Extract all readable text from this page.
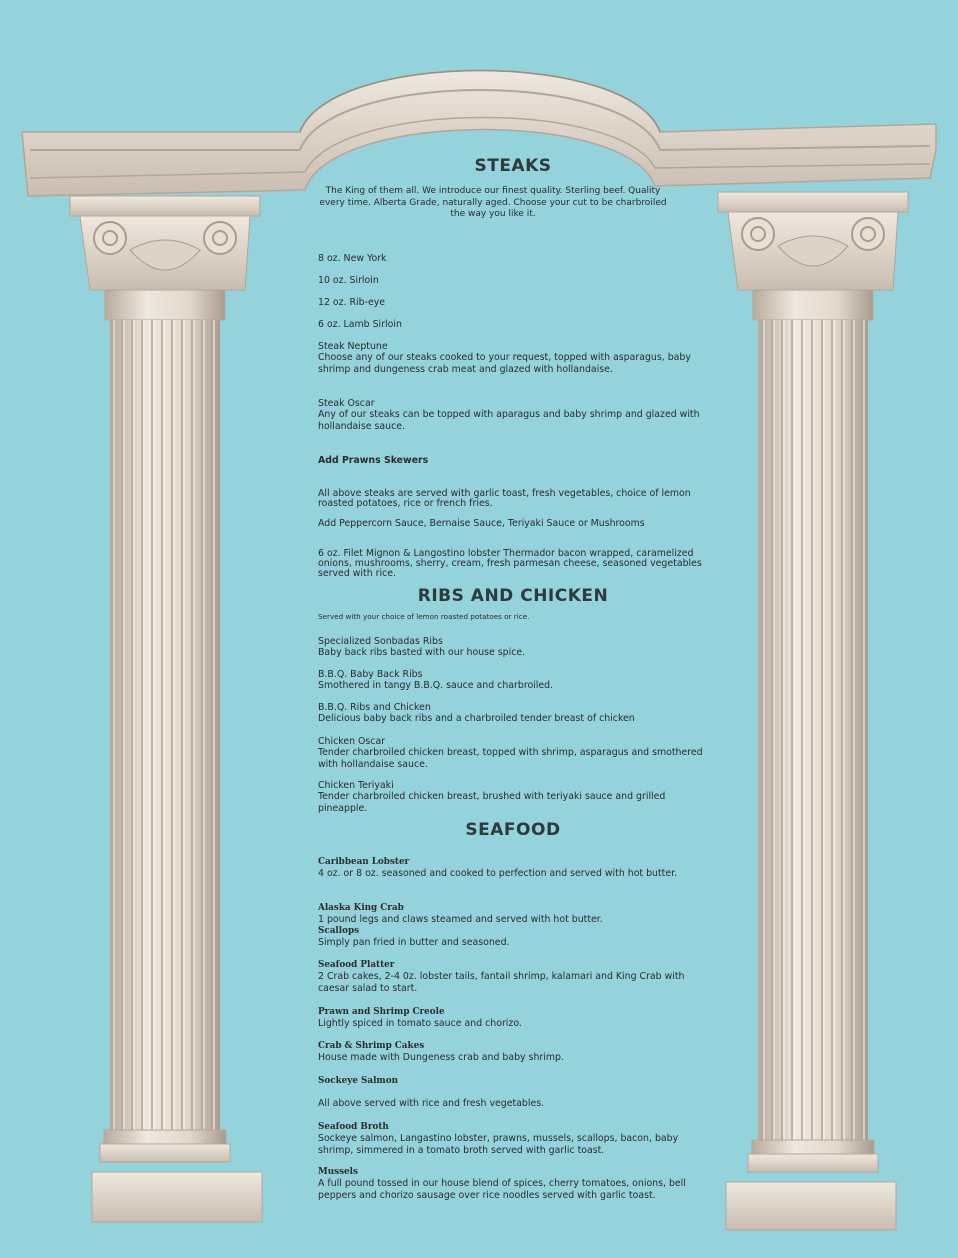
STEAKS
The King of them all. We introduce our finest quality. Sterling beef. Quality every time. Alberta Grade, naturally aged. Choose your cut to be charbroiled the way you like it.
8 oz. New York
10 oz. Sirloin
12 oz. Rib-eye
6 oz. Lamb Sirloin
Steak Neptune
Choose any of our steaks cooked to your request, topped with asparagus, baby shrimp and dungeness crab meat and glazed with hollandaise.
Steak Oscar
Any of our steaks can be topped with aparagus and baby shrimp and glazed with hollandaise sauce.
Add Prawns Skewers
All above steaks are served with garlic toast, fresh vegetables, choice of lemon roasted potatoes, rice or french fries.
Add Peppercorn Sauce, Bernaise Sauce, Teriyaki Sauce or Mushrooms
6 oz. Filet Mignon & Langostino lobster Thermador bacon wrapped, caramelized onions, mushrooms, sherry, cream, fresh parmesan cheese, seasoned vegetables served with rice.
RIBS AND CHICKEN
Served with your choice of lemon roasted potatoes or rice.
Specialized Sonbadas Ribs
Baby back ribs basted with our house spice.
B.B.Q. Baby Back Ribs
Smothered in tangy B.B.Q. sauce and charbroiled.
B.B.Q. Ribs and Chicken
Delicious baby back ribs and a charbroiled tender breast of chicken
Chicken Oscar
Tender charbroiled chicken breast, topped with shrimp, asparagus and smothered with hollandaise sauce.
Chicken Teriyaki
Tender charbroiled chicken breast, brushed with teriyaki sauce and grilled pineapple.
SEAFOOD
Caribbean Lobster
4 oz. or 8 oz. seasoned and cooked to perfection and served with hot butter.
Alaska King Crab
1 pound legs and claws steamed and served with hot butter.
Scallops
Simply pan fried in butter and seasoned.
Seafood Platter
2 Crab cakes, 2-4 0z. lobster tails, fantail shrimp, kalamari and King Crab with caesar salad to start.
Prawn and Shrimp Creole
Lightly spiced in tomato sauce and chorizo.
Crab & Shrimp Cakes
House made with Dungeness crab and baby shrimp.
Sockeye Salmon
All above served with rice and fresh vegetables.
Seafood Broth
Sockeye salmon, Langastino lobster, prawns, mussels, scallops, bacon, baby shrimp, simmered in a tomato broth served with garlic toast.
Mussels
A full pound tossed in our house blend of spices, cherry tomatoes, onions, bell peppers and chorizo sausage over rice noodles served with garlic toast.
